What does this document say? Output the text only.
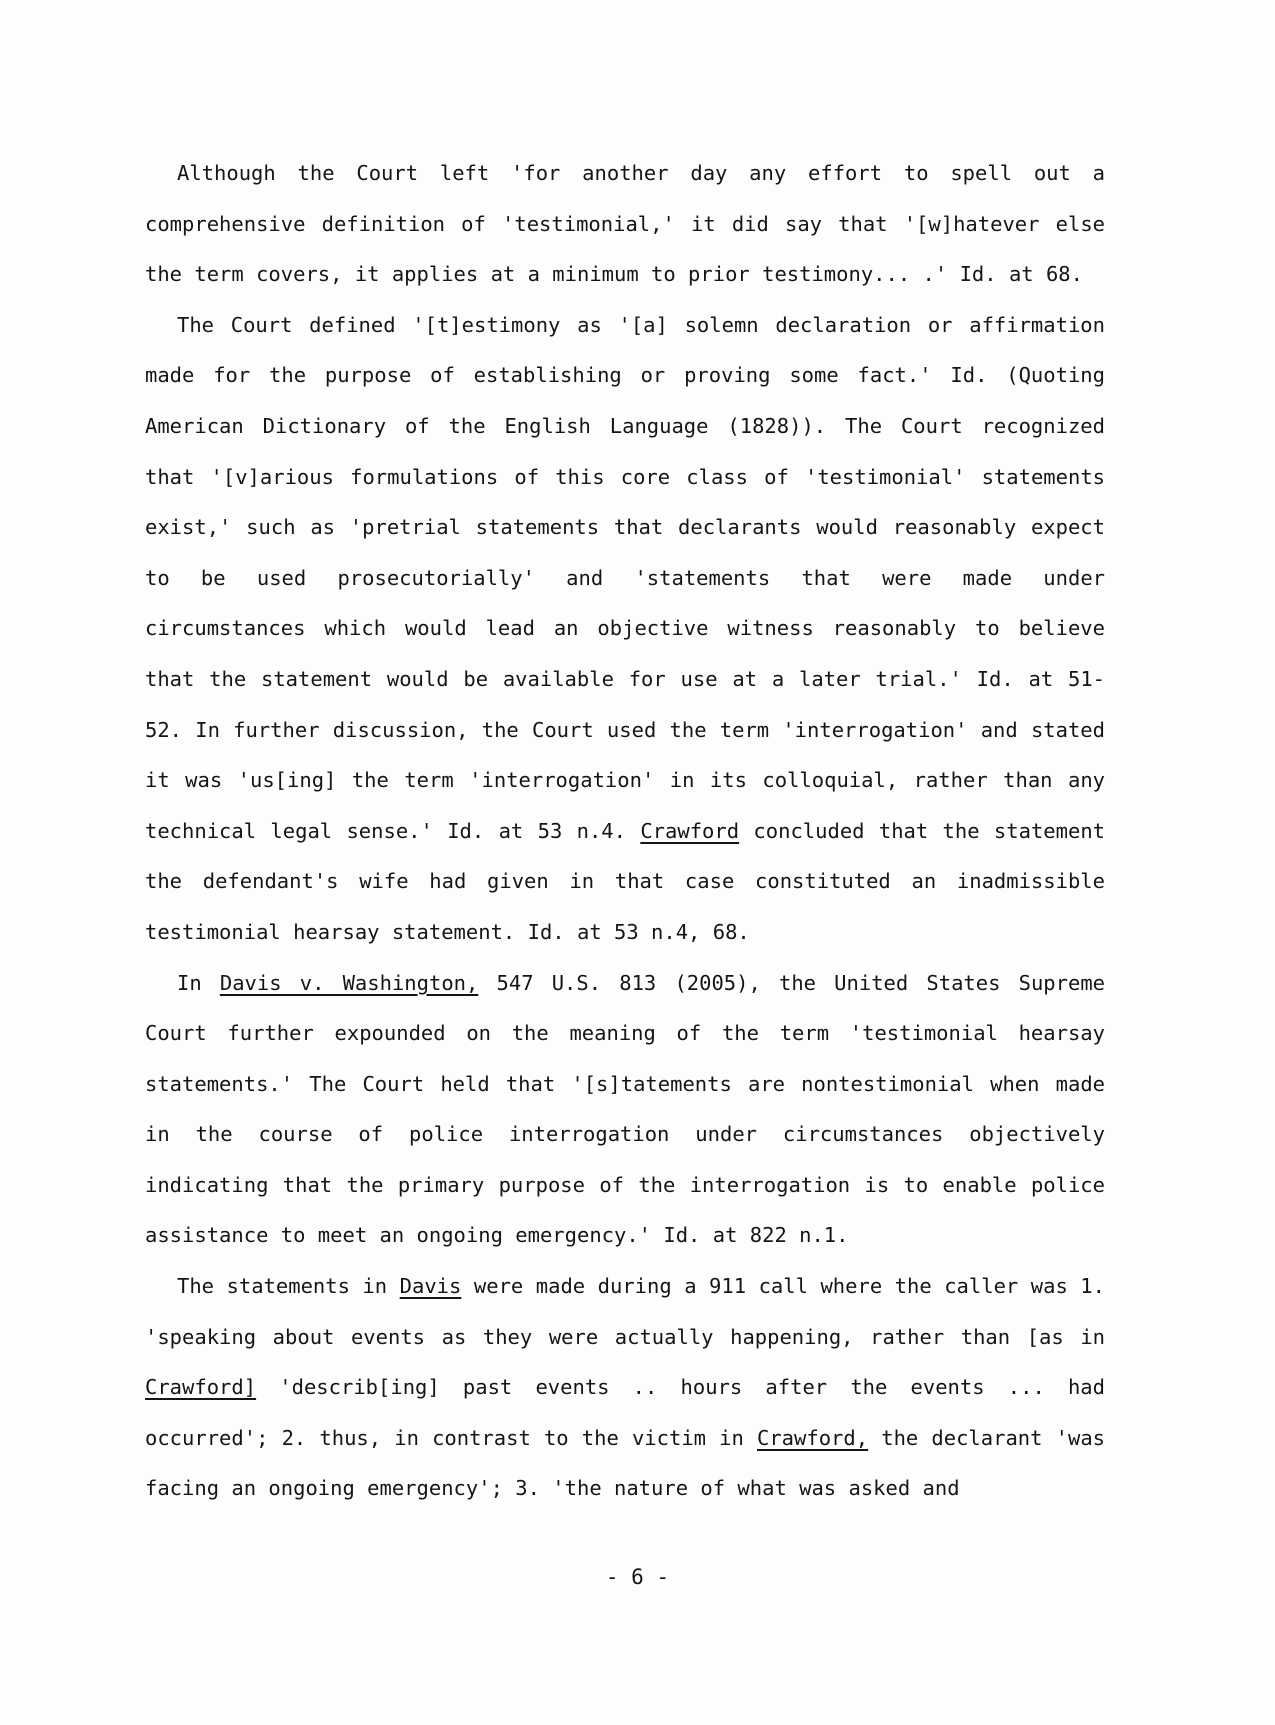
Although the Court left 'for another day any effort to spell out a comprehensive definition of 'testimonial,' it did say that '[w]hatever else the term covers, it applies at a minimum to prior testimony... .' Id. at 68.

The Court defined '[t]estimony as '[a] solemn declaration or affirmation made for the purpose of establishing or proving some fact.' Id. (Quoting American Dictionary of the English Language (1828)). The Court recognized that '[v]arious formulations of this core class of 'testimonial' statements exist,' such as 'pretrial statements that declarants would reasonably expect to be used prosecutorially' and 'statements that were made under circumstances which would lead an objective witness reasonably to believe that the statement would be available for use at a later trial.' Id. at 51-52. In further discussion, the Court used the term 'interrogation' and stated it was 'us[ing] the term 'interrogation' in its colloquial, rather than any technical legal sense.' Id. at 53 n.4. Crawford concluded that the statement the defendant's wife had given in that case constituted an inadmissible testimonial hearsay statement. Id. at 53 n.4, 68.

In Davis v. Washington, 547 U.S. 813 (2005), the United States Supreme Court further expounded on the meaning of the term 'testimonial hearsay statements.' The Court held that '[s]tatements are nontestimonial when made in the course of police interrogation under circumstances objectively indicating that the primary purpose of the interrogation is to enable police assistance to meet an ongoing emergency.' Id. at 822 n.1.

The statements in Davis were made during a 911 call where the caller was 1. 'speaking about events as they were actually happening, rather than [as in Crawford] 'describ[ing] past events .. hours after the events ... had occurred'; 2. thus, in contrast to the victim in Crawford, the declarant 'was facing an ongoing emergency'; 3. 'the nature of what was asked and

- 6 -
